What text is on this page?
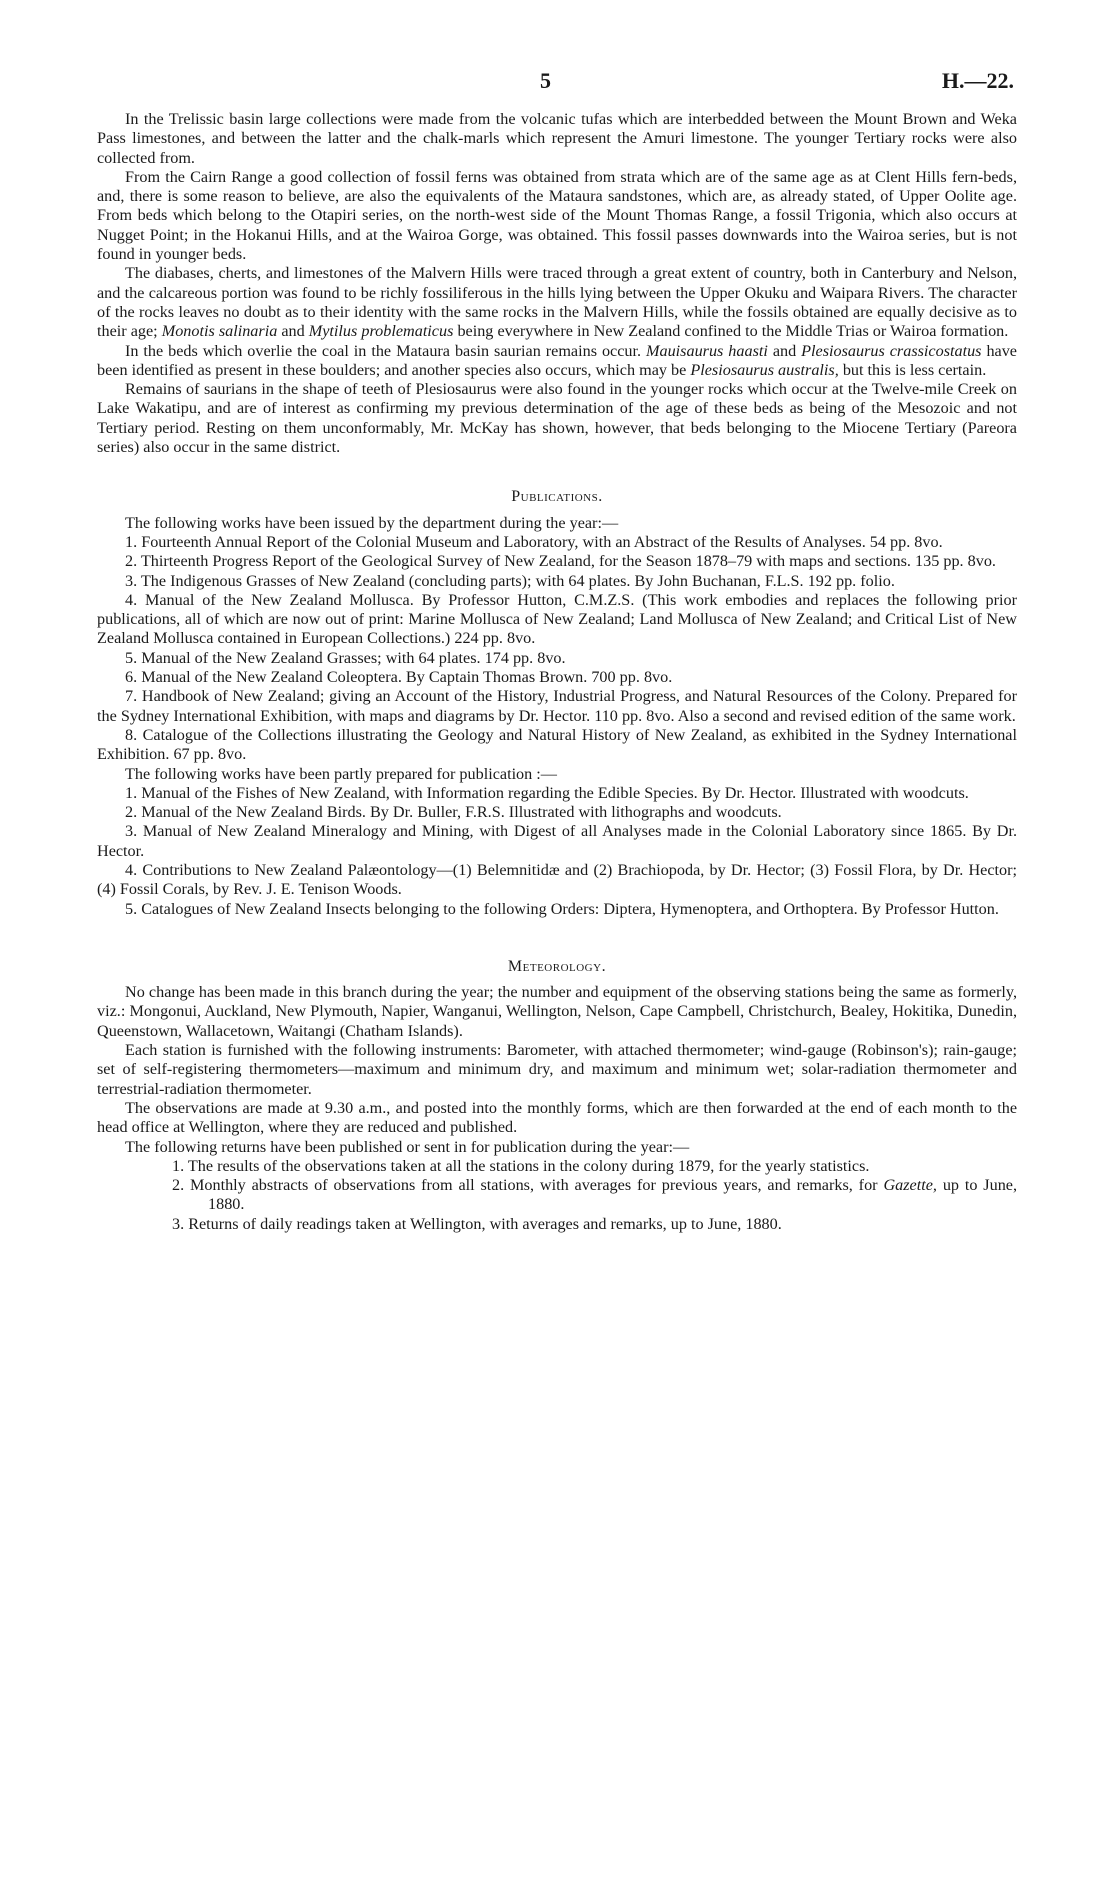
5	H.—22.

In the Trelissic basin large collections were made from the volcanic tufas which are interbedded between the Mount Brown and Weka Pass limestones, and between the latter and the chalk-marls which represent the Amuri limestone. The younger Tertiary rocks were also collected from.

From the Cairn Range a good collection of fossil ferns was obtained from strata which are of the same age as at Clent Hills fern-beds, and, there is some reason to believe, are also the equivalents of the Mataura sandstones, which are, as already stated, of Upper Oolite age. From beds which belong to the Otapiri series, on the north-west side of the Mount Thomas Range, a fossil Trigonia, which also occurs at Nugget Point; in the Hokanui Hills, and at the Wairoa Gorge, was obtained. This fossil passes downwards into the Wairoa series, but is not found in younger beds.

The diabases, cherts, and limestones of the Malvern Hills were traced through a great extent of country, both in Canterbury and Nelson, and the calcareous portion was found to be richly fossiliferous in the hills lying between the Upper Okuku and Waipara Rivers. The character of the rocks leaves no doubt as to their identity with the same rocks in the Malvern Hills, while the fossils obtained are equally decisive as to their age; Monotis salinaria and Mytilus problematicus being everywhere in New Zealand confined to the Middle Trias or Wairoa formation.

In the beds which overlie the coal in the Mataura basin saurian remains occur. Mauisaurus haasti and Plesiosaurus crassicostatus have been identified as present in these boulders; and another species also occurs, which may be Plesiosaurus australis, but this is less certain.

Remains of saurians in the shape of teeth of Plesiosaurus were also found in the younger rocks which occur at the Twelve-mile Creek on Lake Wakatipu, and are of interest as confirming my previous determination of the age of these beds as being of the Mesozoic and not Tertiary period. Resting on them unconformably, Mr. McKay has shown, however, that beds belonging to the Miocene Tertiary (Pareora series) also occur in the same district.

Publications.

The following works have been issued by the department during the year:—

1. Fourteenth Annual Report of the Colonial Museum and Laboratory, with an Abstract of the Results of Analyses. 54 pp. 8vo.

2. Thirteenth Progress Report of the Geological Survey of New Zealand, for the Season 1878–79 with maps and sections. 135 pp. 8vo.

3. The Indigenous Grasses of New Zealand (concluding parts); with 64 plates. By John Buchanan, F.L.S. 192 pp. folio.

4. Manual of the New Zealand Mollusca. By Professor Hutton, C.M.Z.S. (This work embodies and replaces the following prior publications, all of which are now out of print: Marine Mollusca of New Zealand; Land Mollusca of New Zealand; and Critical List of New Zealand Mollusca contained in European Collections.) 224 pp. 8vo.

5. Manual of the New Zealand Grasses; with 64 plates. 174 pp. 8vo.

6. Manual of the New Zealand Coleoptera. By Captain Thomas Brown. 700 pp. 8vo.

7. Handbook of New Zealand; giving an Account of the History, Industrial Progress, and Natural Resources of the Colony. Prepared for the Sydney International Exhibition, with maps and diagrams by Dr. Hector. 110 pp. 8vo. Also a second and revised edition of the same work.

8. Catalogue of the Collections illustrating the Geology and Natural History of New Zealand, as exhibited in the Sydney International Exhibition. 67 pp. 8vo.

The following works have been partly prepared for publication :—

1. Manual of the Fishes of New Zealand, with Information regarding the Edible Species. By Dr. Hector. Illustrated with woodcuts.

2. Manual of the New Zealand Birds. By Dr. Buller, F.R.S. Illustrated with lithographs and woodcuts.

3. Manual of New Zealand Mineralogy and Mining, with Digest of all Analyses made in the Colonial Laboratory since 1865. By Dr. Hector.

4. Contributions to New Zealand Palæontology—(1) Belemnitidæ and (2) Brachiopoda, by Dr. Hector; (3) Fossil Flora, by Dr. Hector; (4) Fossil Corals, by Rev. J. E. Tenison Woods.

5. Catalogues of New Zealand Insects belonging to the following Orders: Diptera, Hymenoptera, and Orthoptera. By Professor Hutton.

Meteorology.

No change has been made in this branch during the year; the number and equipment of the observing stations being the same as formerly, viz.: Mongonui, Auckland, New Plymouth, Napier, Wanganui, Wellington, Nelson, Cape Campbell, Christchurch, Bealey, Hokitika, Dunedin, Queenstown, Wallacetown, Waitangi (Chatham Islands).

Each station is furnished with the following instruments: Barometer, with attached thermometer; wind-gauge (Robinson's); rain-gauge; set of self-registering thermometers—maximum and minimum dry, and maximum and minimum wet; solar-radiation thermometer and terrestrial-radiation thermometer.

The observations are made at 9.30 a.m., and posted into the monthly forms, which are then forwarded at the end of each month to the head office at Wellington, where they are reduced and published.

The following returns have been published or sent in for publication during the year:—

1. The results of the observations taken at all the stations in the colony during 1879, for the yearly statistics.

2. Monthly abstracts of observations from all stations, with averages for previous years, and remarks, for Gazette, up to June, 1880.

3. Returns of daily readings taken at Wellington, with averages and remarks, up to June, 1880.
